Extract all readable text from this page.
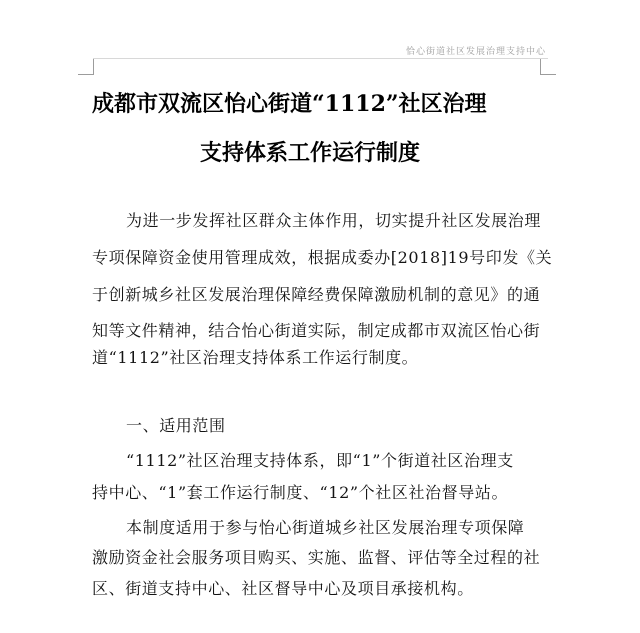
恰心街道社区发展治理支持中心
成都市双流区怡心街道“1112”社区治理
支持体系工作运行制度
为进一步发挥社区群众主体作用，切实提升社区发展治理
专项保障资金使用管理成效，根据成委办[2018]19号印发《关
于创新城乡社区发展治理保障经费保障激励机制的意见》的通
知等文件精神，结合怡心街道实际，制定成都市双流区怡心街
道“1112”社区治理支持体系工作运行制度。
一、适用范围
“1112”社区治理支持体系，即“1”个街道社区治理支
持中心、“1”套工作运行制度、“12”个社区社治督导站。
本制度适用于参与怡心街道城乡社区发展治理专项保障
激励资金社会服务项目购买、实施、监督、评估等全过程的社
区、街道支持中心、社区督导中心及项目承接机构。
